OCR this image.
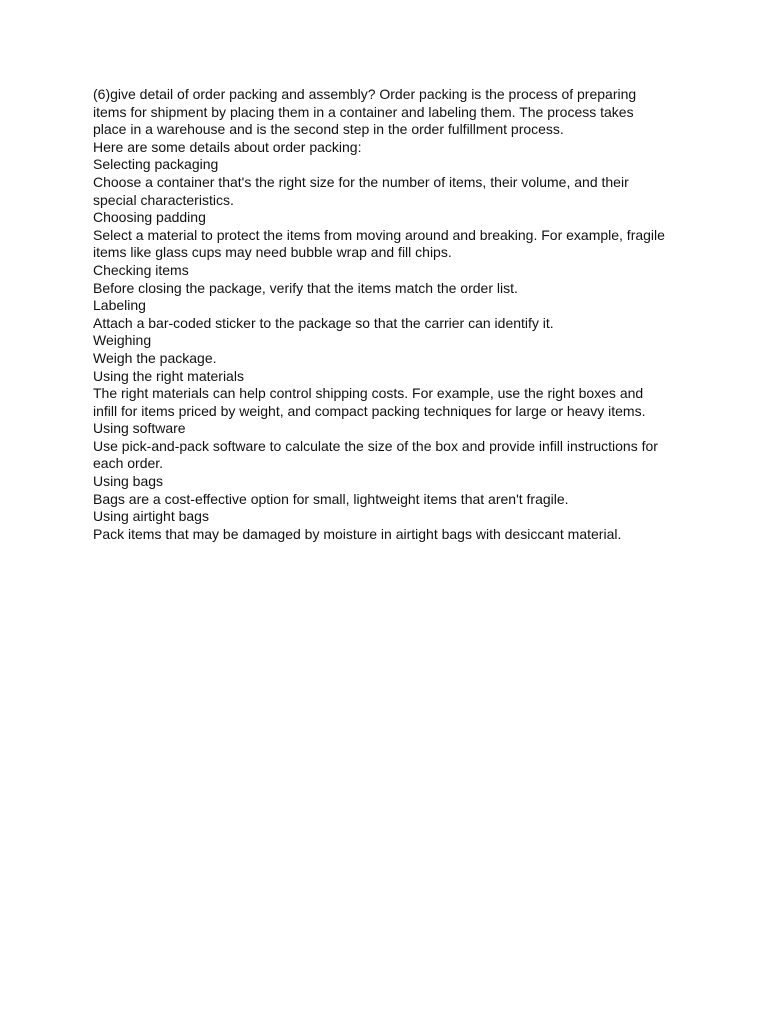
(6)give detail of order packing and assembly? Order packing is the process of preparing
items for shipment by placing them in a container and labeling them. The process takes
place in a warehouse and is the second step in the order fulfillment process.
Here are some details about order packing:
Selecting packaging
Choose a container that's the right size for the number of items, their volume, and their
special characteristics.
Choosing padding
Select a material to protect the items from moving around and breaking. For example, fragile
items like glass cups may need bubble wrap and fill chips.
Checking items
Before closing the package, verify that the items match the order list.
Labeling
Attach a bar-coded sticker to the package so that the carrier can identify it.
Weighing
Weigh the package.
Using the right materials
The right materials can help control shipping costs. For example, use the right boxes and
infill for items priced by weight, and compact packing techniques for large or heavy items.
Using software
Use pick-and-pack software to calculate the size of the box and provide infill instructions for
each order.
Using bags
Bags are a cost-effective option for small, lightweight items that aren't fragile.
Using airtight bags
Pack items that may be damaged by moisture in airtight bags with desiccant material.
